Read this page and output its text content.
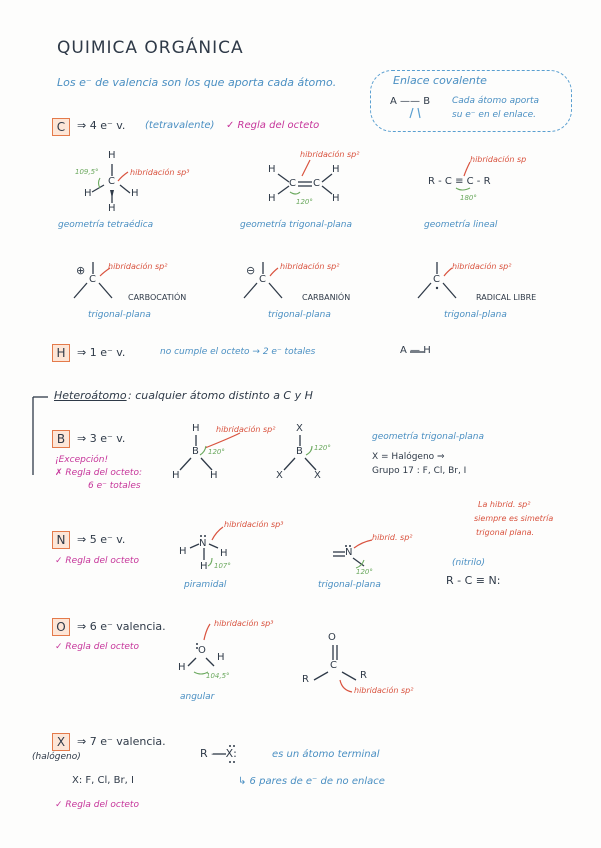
QUIMICA ORGÁNICA
Los e⁻ de valencia son los que aporta cada átomo.	Enlace covalente
A —— B Cada átomo aporta
su e⁻ en el enlace.
C	⇒ 4 e⁻ v. (tetravalente) ✓ Regla del octeto
hibridación sp³
109,5°
H
H
C
H
H
geometría tetraédica
hibridación sp²
H
H
C C
H
H
120°
geometría trigonal-plana
hibridación sp
R - C ≡ C - R
180°
geometría lineal
⊕
C
hibridación sp²
CARBOCATIÓN
trigonal-plana
⊖
C
hibridación sp²
CARBANIÓN
trigonal-plana
C
hibridación sp²
RADICAL LIBRE
trigonal-plana
H	⇒ 1 e⁻ v.	no cumple el octeto → 2 e⁻ totales	A — H
Heteroátomo : cualquier átomo distinto a C y H
B	⇒ 3 e⁻ v.
¡Excepción!
✗ Regla del octeto:
6 e⁻ totales
hibridación sp²
H
B
H	H
120°
X
B
X	X
120°
geometría trigonal-plana
X = Halógeno ⇒
Grupo 17 : F, Cl, Br, I
N	⇒ 5 e⁻ v.
✓ Regla del octeto
hibridación sp³
N
H	H
H 107°
piramidal
hibrid. sp²
N
120°
trigonal-plana
(nitrilo)
R - C ≡ N:
La hibrid. sp²
siempre es simetría
trigonal plana.
O	⇒ 6 e⁻ valencia.
✓ Regla del octeto
hibridación sp³
O
H
H
104,5°
angular
O
C
R	R
hibridación sp²
X	⇒ 7 e⁻ valencia.
(halógeno)
X: F, Cl, Br, I
✓ Regla del octeto
R — X:	es un átomo terminal
↳ 6 pares de e⁻ de no enlace
